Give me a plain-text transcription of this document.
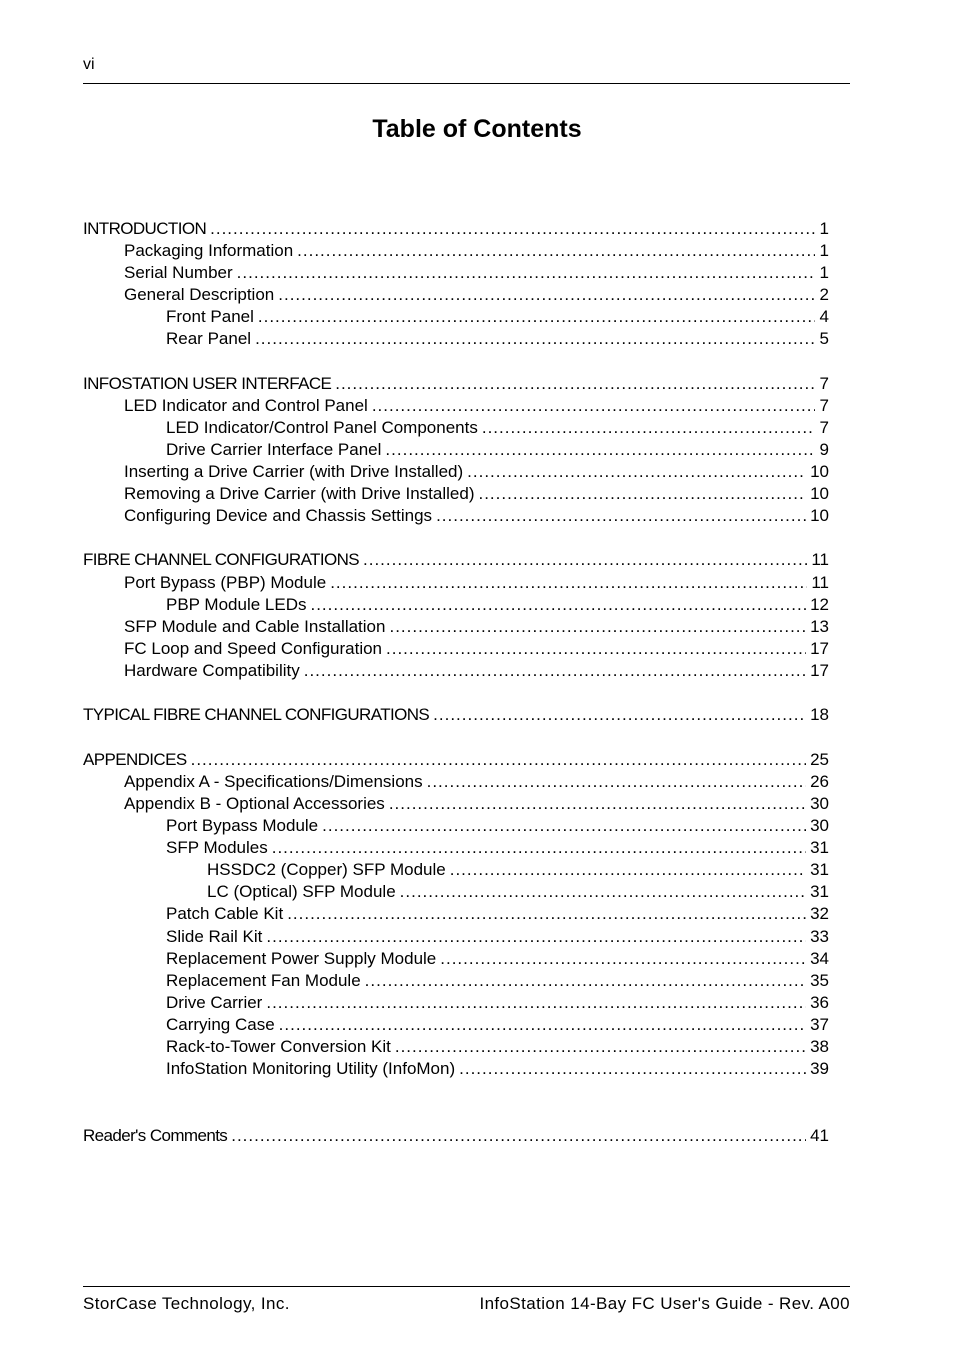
vi
Table of Contents
INTRODUCTION .....	1
Packaging Information .....	1
Serial Number .....	1
General Description .....	2
Front Panel .....	4
Rear Panel .....	5
INFOSTATION USER INTERFACE .....	7
LED Indicator and Control Panel .....	7
LED Indicator/Control Panel Components .....	7
Drive Carrier Interface Panel .....	9
Inserting a Drive Carrier (with Drive Installed) .....	10
Removing a Drive Carrier (with Drive Installed) .....	10
Configuring Device and Chassis Settings .....	10
FIBRE CHANNEL CONFIGURATIONS .....	11
Port Bypass (PBP) Module .....	11
PBP Module LEDs .....	12
SFP Module and Cable Installation .....	13
FC Loop and Speed Configuration .....	17
Hardware Compatibility .....	17
TYPICAL FIBRE CHANNEL CONFIGURATIONS .....	18
APPENDICES .....	25
Appendix A - Specifications/Dimensions .....	26
Appendix B - Optional Accessories .....	30
Port Bypass Module .....	30
SFP Modules .....	31
HSSDC2 (Copper) SFP Module .....	31
LC (Optical) SFP Module .....	31
Patch Cable Kit .....	32
Slide Rail Kit .....	33
Replacement Power Supply Module .....	34
Replacement Fan Module .....	35
Drive Carrier .....	36
Carrying Case .....	37
Rack-to-Tower Conversion Kit .....	38
InfoStation Monitoring Utility (InfoMon) .....	39
Reader's Comments .....	41
StorCase Technology, Inc.	InfoStation 14-Bay FC User's Guide - Rev. A00
